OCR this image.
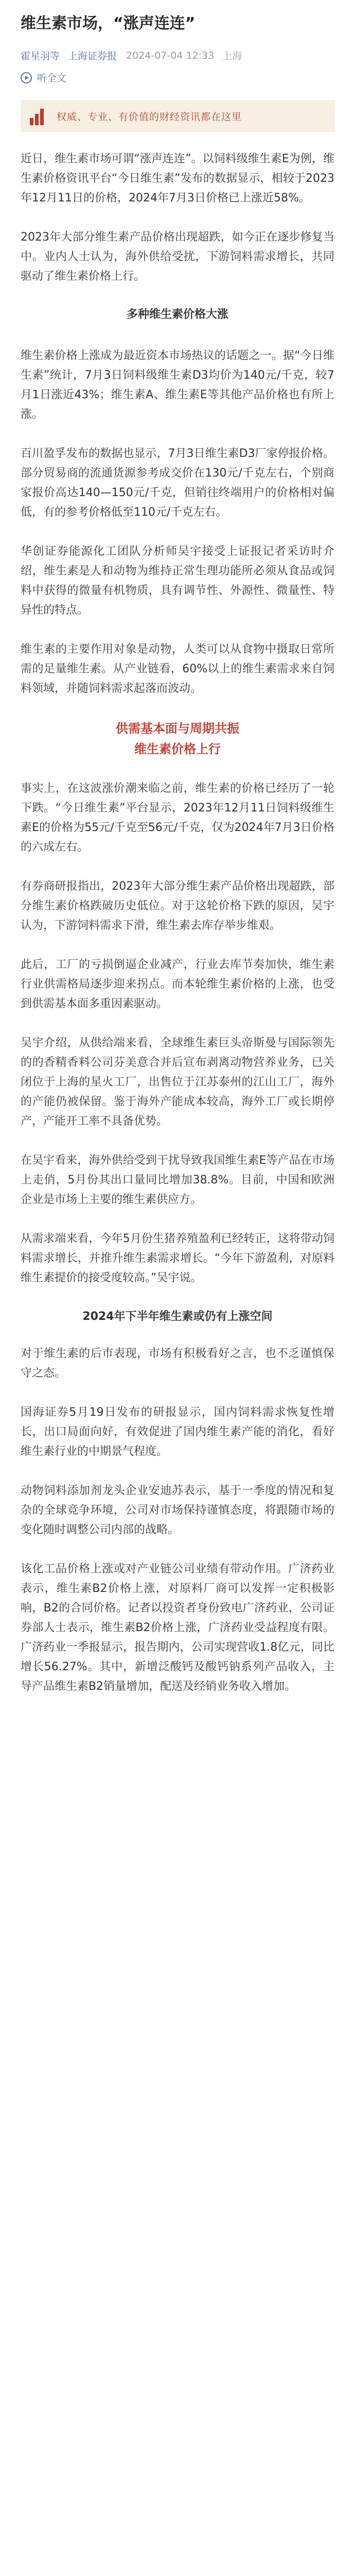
维生素市场，“涨声连连”
霍星羽等 上海证券报 2024-07-04 12:33 上海
听全文
权威、专业、有价值的财经资讯都在这里

近日，维生素市场可谓“涨声连连”。以饲料级维生素E为例，维生素价格资讯平台“今日维生素”发布的数据显示，相较于2023年12月11日的价格，2024年7月3日价格已上涨近58%。

2023年大部分维生素产品价格出现超跌，如今正在逐步修复当中。业内人士认为，海外供给受扰，下游饲料需求增长，共同驱动了维生素价格上行。

多种维生素价格大涨

维生素价格上涨成为最近资本市场热议的话题之一。据“今日维生素”统计，7月3日饲料级维生素D3均价为140元/千克，较7月1日涨近43%；维生素A、维生素E等其他产品价格也有所上涨。

百川盈孚发布的数据也显示，7月3日维生素D3厂家停报价格。部分贸易商的流通货源参考成交价在130元/千克左右，个别商家报价高达140—150元/千克，但销往终端用户的价格相对偏低，有的参考价格低至110元/千克左右。

华创证券能源化工团队分析师吴宇接受上证报记者采访时介绍，维生素是人和动物为维持正常生理功能所必须从食品或饲料中获得的微量有机物质，具有调节性、外源性、微量性、特异性的特点。

维生素的主要作用对象是动物，人类可以从食物中摄取日常所需的足量维生素。从产业链看，60%以上的维生素需求来自饲料领域，并随饲料需求起落而波动。

供需基本面与周期共振
维生素价格上行

事实上，在这波涨价潮来临之前，维生素的价格已经历了一轮下跌。“今日维生素”平台显示，2023年12月11日饲料级维生素E的价格为55元/千克至56元/千克，仅为2024年7月3日价格的六成左右。

有券商研报指出，2023年大部分维生素产品价格出现超跌，部分维生素价格跌破历史低位。对于这轮价格下跌的原因，吴宇认为，下游饲料需求下滑，维生素去库存举步维艰。

此后，工厂的亏损倒逼企业减产，行业去库节奏加快，维生素行业供需格局逐步迎来拐点。而本轮维生素价格的上涨，也受到供需基本面多重因素驱动。

吴宇介绍，从供给端来看，全球维生素巨头帝斯曼与国际领先的的香精香料公司芬美意合并后宣布剥离动物营养业务，已关闭位于上海的星火工厂，出售位于江苏泰州的江山工厂，海外的产能仍被保留。鉴于海外产能成本较高，海外工厂或长期停产，产能开工率不具备优势。

在吴宇看来，海外供给受到干扰导致我国维生素E等产品在市场上走俏，5月份其出口量同比增加38.8%。目前，中国和欧洲企业是市场上主要的维生素供应方。

从需求端来看，今年5月份生猪养殖盈利已经转正，这将带动饲料需求增长，并推升维生素需求增长。“今年下游盈利，对原料维生素提价的接受度较高。”吴宇说。

2024年下半年维生素或仍有上涨空间

对于维生素的后市表现，市场有积极看好之言，也不乏谨慎保守之态。

国海证券5月19日发布的研报显示，国内饲料需求恢复性增长，出口局面向好，有效促进了国内维生素产能的消化，看好维生素行业的中期景气程度。

动物饲料添加剂龙头企业安迪苏表示，基于一季度的情况和复杂的全球竞争环境，公司对市场保持谨慎态度，将跟随市场的变化随时调整公司内部的战略。

该化工品价格上涨或对产业链公司业绩有带动作用。广济药业表示，维生素B2价格上涨，对原料厂商可以发挥一定积极影响，B2的合同价格。记者以投资者身份致电广济药业，公司证券部人士表示，维生素B2价格上涨，广济药业受益程度有限。广济药业一季报显示，报告期内，公司实现营收1.8亿元，同比增长56.27%。其中，新增泛酸钙及酸钙钠系列产品收入，主导产品维生素B2销量增加，配送及经销业务收入增加。
